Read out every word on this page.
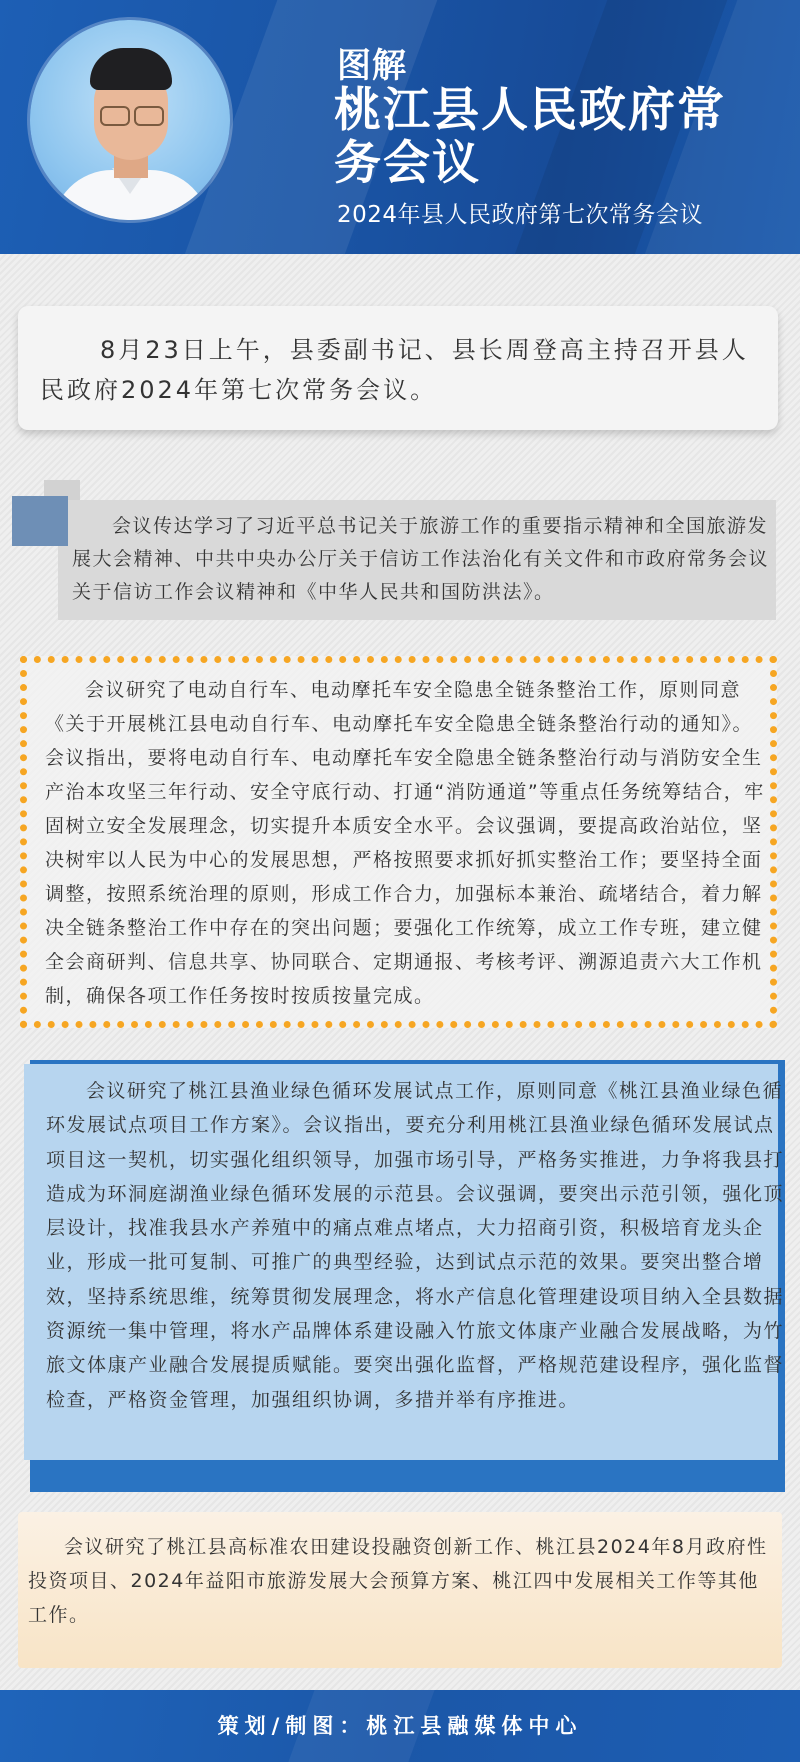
图解
桃江县人民政府常务会议
2024年县人民政府第七次常务会议

8月23日上午，县委副书记、县长周登高主持召开县人民政府2024年第七次常务会议。

会议传达学习了习近平总书记关于旅游工作的重要指示精神和全国旅游发展大会精神、中共中央办公厅关于信访工作法治化有关文件和市政府常务会议关于信访工作会议精神和《中华人民共和国防洪法》。

会议研究了电动自行车、电动摩托车安全隐患全链条整治工作，原则同意《关于开展桃江县电动自行车、电动摩托车安全隐患全链条整治行动的通知》。会议指出，要将电动自行车、电动摩托车安全隐患全链条整治行动与消防安全生产治本攻坚三年行动、安全守底行动、打通“消防通道”等重点任务统筹结合，牢固树立安全发展理念，切实提升本质安全水平。会议强调，要提高政治站位，坚决树牢以人民为中心的发展思想，严格按照要求抓好抓实整治工作；要坚持全面调整，按照系统治理的原则，形成工作合力，加强标本兼治、疏堵结合，着力解决全链条整治工作中存在的突出问题；要强化工作统筹，成立工作专班，建立健全会商研判、信息共享、协同联合、定期通报、考核考评、溯源追责六大工作机制，确保各项工作任务按时按质按量完成。

会议研究了桃江县渔业绿色循环发展试点工作，原则同意《桃江县渔业绿色循环发展试点项目工作方案》。会议指出，要充分利用桃江县渔业绿色循环发展试点项目这一契机，切实强化组织领导，加强市场引导，严格务实推进，力争将我县打造成为环洞庭湖渔业绿色循环发展的示范县。会议强调，要突出示范引领，强化顶层设计，找准我县水产养殖中的痛点难点堵点，大力招商引资，积极培育龙头企业，形成一批可复制、可推广的典型经验，达到试点示范的效果。要突出整合增效，坚持系统思维，统筹贯彻发展理念，将水产信息化管理建设项目纳入全县数据资源统一集中管理，将水产品牌体系建设融入竹旅文体康产业融合发展战略，为竹旅文体康产业融合发展提质赋能。要突出强化监督，严格规范建设程序，强化监督检查，严格资金管理，加强组织协调，多措并举有序推进。

会议研究了桃江县高标准农田建设投融资创新工作、桃江县2024年8月政府性投资项目、2024年益阳市旅游发展大会预算方案、桃江四中发展相关工作等其他工作。

策划/制图：桃江县融媒体中心
